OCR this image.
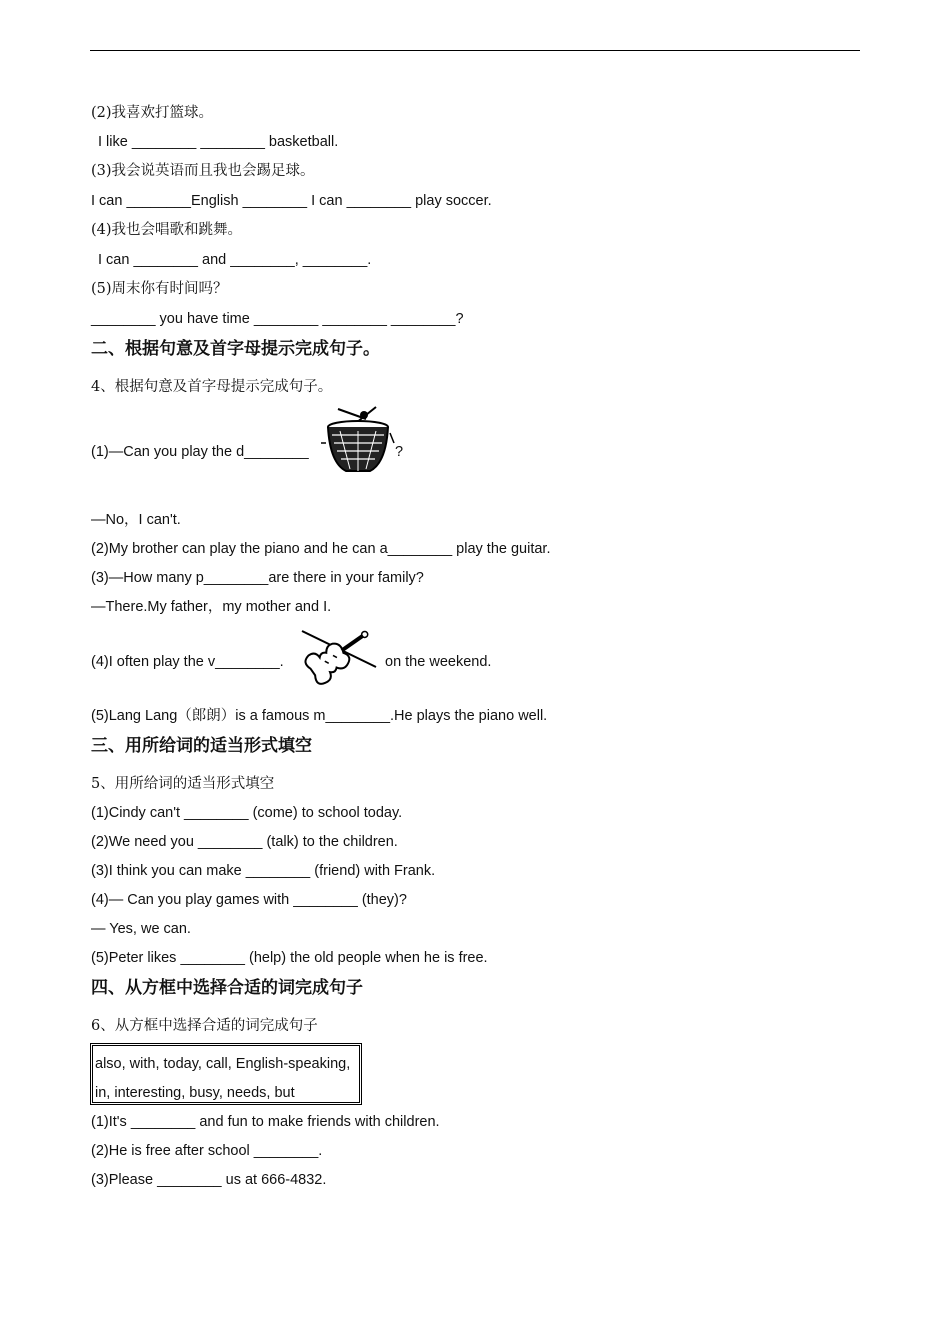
(2)我喜欢打篮球。
I like ________ ________ basketball.
(3)我会说英语而且我也会踢足球。
I can ________English ________ I can ________ play soccer.
(4)我也会唱歌和跳舞。
I can ________ and ________, ________.
(5)周末你有时间吗？
________ you have time ________ ________ ________?
二、根据句意及首字母提示完成句子。
4、根据句意及首字母提示完成句子。
(1)—Can you play the d________	?
—No，I can't.
(2)My brother can play the piano and he can a________ play the guitar.
(3)—How many p________are there in your family?
—There.My father，my mother and I.
(4)I often play the v________.	on the weekend.
(5)Lang Lang（郎朗）is a famous m________.He plays the piano well.
三、用所给词的适当形式填空
5、用所给词的适当形式填空
(1)Cindy can't ________ (come) to school today.
(2)We need you ________ (talk) to the children.
(3)I think you can make ________ (friend) with Frank.
(4)— Can you play games with ________ (they)?
— Yes, we can.
(5)Peter likes ________ (help) the old people when he is free.
四、从方框中选择合适的词完成句子
6、从方框中选择合适的词完成句子
also, with, today, call, English-speaking,
in, interesting, busy, needs, but
(1)It's ________ and fun to make friends with children.
(2)He is free after school ________.
(3)Please ________ us at 666-4832.
